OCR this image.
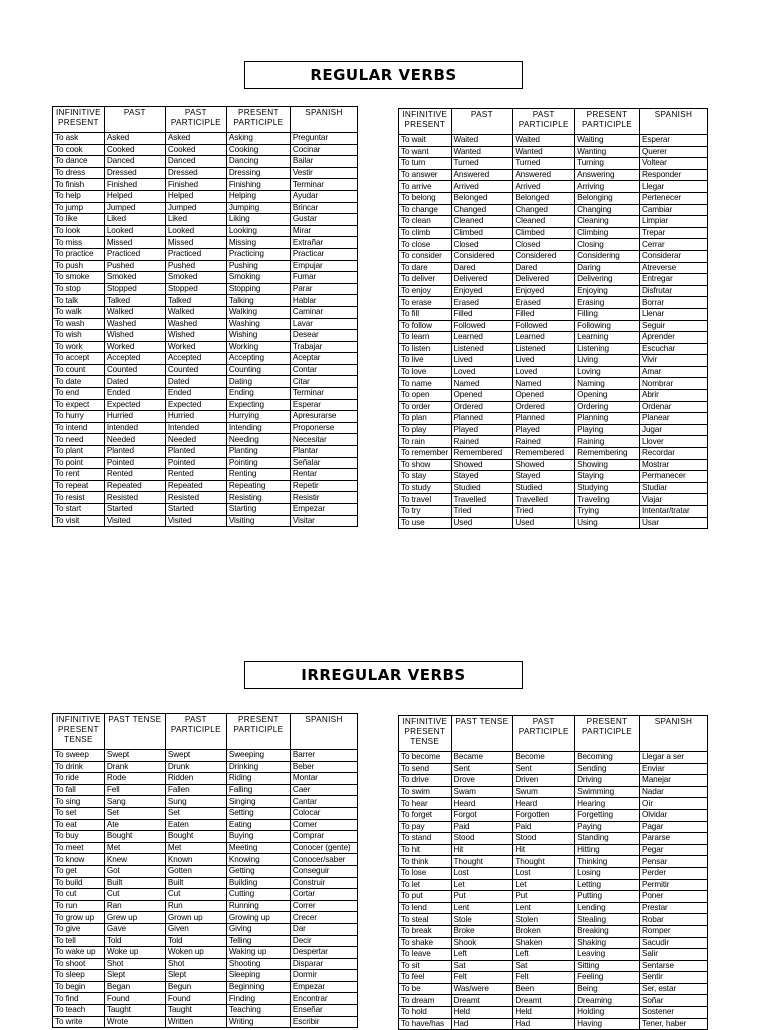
REGULAR VERBS
INFINITIVE PRESENT	PAST	PAST PARTICIPLE	PRESENT PARTICIPLE	SPANISH
To ask	Asked	Asked	Asking	Preguntar
To cook	Cooked	Cooked	Cooking	Cocinar
To dance	Danced	Danced	Dancing	Bailar
To dress	Dressed	Dressed	Dressing	Vestir
To finish	Finished	Finished	Finishing	Terminar
To help	Helped	Helped	Helping	Ayudar
To jump	Jumped	Jumped	Jumping	Brincar
To like	Liked	Liked	Liking	Gustar
To look	Looked	Looked	Looking	Mirar
To miss	Missed	Missed	Missing	Extrañar
To practice	Practiced	Practiced	Practicing	Practicar
To push	Pushed	Pushed	Pushing	Empujar
To smoke	Smoked	Smoked	Smoking	Fumar
To stop	Stopped	Stopped	Stopping	Parar
To talk	Talked	Talked	Talking	Hablar
To walk	Walked	Walked	Walking	Caminar
To wash	Washed	Washed	Washing	Lavar
To wish	Wished	Wished	Wishing	Desear
To work	Worked	Worked	Working	Trabajar
To accept	Accepted	Accepted	Accepting	Aceptar
To count	Counted	Counted	Counting	Contar
To date	Dated	Dated	Dating	Citar
To end	Ended	Ended	Ending	Terminar
To expect	Expected	Expected	Expecting	Esperar
To hurry	Hurried	Hurried	Hurrying	Apresurarse
To intend	Intended	Intended	Intending	Proponerse
To need	Needed	Needed	Needing	Necesitar
To plant	Planted	Planted	Planting	Plantar
To point	Pointed	Pointed	Pointing	Señalar
To rent	Rented	Rented	Renting	Rentar
To repeat	Repeated	Repeated	Repeating	Repetir
To resist	Resisted	Resisted	Resisting	Resistir
To start	Started	Started	Starting	Empezar
To visit	Visited	Visited	Visiting	Visitar
INFINITIVE PRESENT	PAST	PAST PARTICIPLE	PRESENT PARTICIPLE	SPANISH
To wait	Waited	Waited	Waiting	Esperar
To want	Wanted	Wanted	Wanting	Querer
To turn	Turned	Turned	Turning	Voltear
To answer	Answered	Answered	Answering	Responder
To arrive	Arrived	Arrived	Arriving	Llegar
To belong	Belonged	Belonged	Belonging	Pertenecer
To change	Changed	Changed	Changing	Cambiar
To clean	Cleaned	Cleaned	Cleaning	Limpiar
To climb	Climbed	Climbed	Climbing	Trepar
To close	Closed	Closed	Closing	Cerrar
To consider	Considered	Considered	Considering	Considerar
To dare	Dared	Dared	Daring	Atreverse
To deliver	Delivered	Delivered	Delivering	Entregar
To enjoy	Enjoyed	Enjoyed	Enjoying	Disfrutar
To erase	Erased	Erased	Erasing	Borrar
To fill	Filled	Filled	Filling	Llenar
To follow	Followed	Followed	Following	Seguir
To learn	Learned	Learned	Learning	Aprender
To listen	Listened	Listened	Listening	Escuchar
To live	Lived	Lived	Living	Vivir
To love	Loved	Loved	Loving	Amar
To name	Named	Named	Naming	Nombrar
To open	Opened	Opened	Opening	Abrir
To order	Ordered	Ordered	Ordering	Ordenar
To plan	Planned	Planned	Planning	Planear
To play	Played	Played	Playing	Jugar
To rain	Rained	Rained	Raining	Llover
To remember	Remembered	Remembered	Remembering	Recordar
To show	Showed	Showed	Showing	Mostrar
To stay	Stayed	Stayed	Staying	Permanecer
To study	Studied	Studied	Studying	Studiar
To travel	Travelled	Travelled	Traveling	Viajar
To try	Tried	Tried	Trying	Intentar/tratar
To use	Used	Used	Using	Usar
IRREGULAR VERBS
INFINITIVE PRESENT TENSE	PAST TENSE	PAST PARTICIPLE	PRESENT PARTICIPLE	SPANISH
To sweep	Swept	Swept	Sweeping	Barrer
To drink	Drank	Drunk	Drinking	Beber
To ride	Rode	Ridden	Riding	Montar
To fall	Fell	Fallen	Falling	Caer
To sing	Sang	Sung	Singing	Cantar
To set	Set	Set	Setting	Colocar
To eat	Ate	Eaten	Eating	Comer
To buy	Bought	Bought	Buying	Comprar
To meet	Met	Met	Meeting	Conocer (gente)
To know	Knew	Known	Knowing	Conocer/saber
To get	Got	Gotten	Getting	Conseguir
To build	Built	Built	Building	Construir
To cut	Cut	Cut	Cutting	Cortar
To run	Ran	Run	Running	Correr
To grow up	Grew up	Grown up	Growing up	Crecer
To give	Gave	Given	Giving	Dar
To tell	Told	Told	Telling	Decir
To wake up	Woke up	Woken up	Waking up	Despertar
To shoot	Shot	Shot	Shooting	Disparar
To sleep	Slept	Slept	Sleeping	Dormir
To begin	Began	Begun	Beginning	Empezar
To find	Found	Found	Finding	Encontrar
To teach	Taught	Taught	Teaching	Enseñar
To write	Wrote	Written	Writing	Escribir
INFINITIVE PRESENT TENSE	PAST TENSE	PAST PARTICIPLE	PRESENT PARTICIPLE	SPANISH
To become	Became	Become	Becoming	Llegar a ser
To send	Sent	Sent	Sending	Enviar
To drive	Drove	Driven	Driving	Manejar
To swim	Swam	Swum	Swimming	Nadar
To hear	Heard	Heard	Hearing	Oír
To forget	Forgot	Forgotten	Forgetting	Olvidar
To pay	Paid	Paid	Paying	Pagar
To stand	Stood	Stood	Standing	Pararse
To hit	Hit	Hit	Hitting	Pegar
To think	Thought	Thought	Thinking	Pensar
To lose	Lost	Lost	Losing	Perder
To let	Let	Let	Letting	Permitir
To put	Put	Put	Putting	Poner
To lend	Lent	Lent	Lending	Prestar
To steal	Stole	Stolen	Stealing	Robar
To break	Broke	Broken	Breaking	Romper
To shake	Shook	Shaken	Shaking	Sacudir
To leave	Left	Left	Leaving	Salir
To sit	Sat	Sat	Sitting	Sentarse
To feel	Felt	Felt	Feeling	Sentir
To be	Was/were	Been	Being	Ser, estar
To dream	Dreamt	Dreamt	Dreaming	Soñar
To hold	Held	Held	Holding	Sostener
To have/has	Had	Had	Having	Tener, haber
